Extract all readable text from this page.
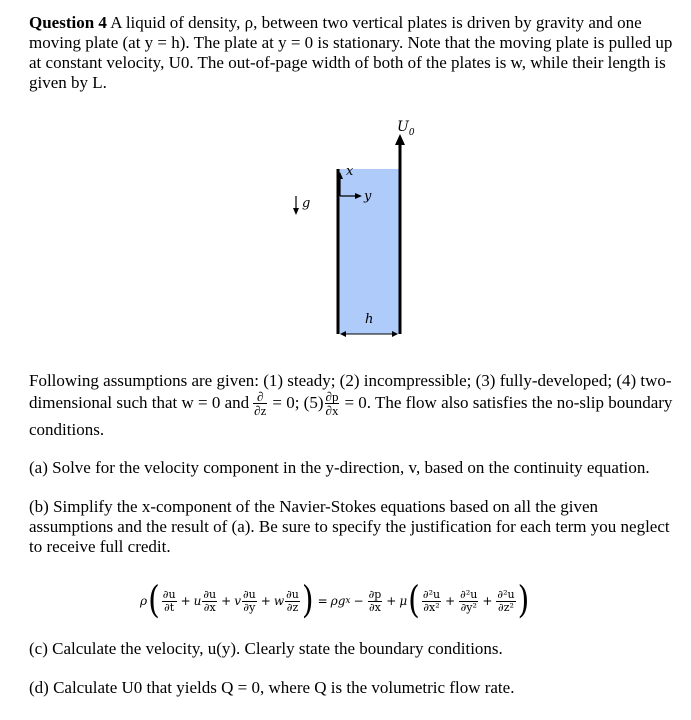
Question 4 A liquid of density, ρ, between two vertical plates is driven by gravity and one moving plate (at y = h). The plate at y = 0 is stationary. Note that the moving plate is pulled up at constant velocity, U0. The out-of-page width of both of the plates is w, while their length is given by L.
$U_0$
x
y
g
h
Following assumptions are given: (1) steady; (2) incompressible; (3) fully-developed; (4) two-
dimensional such that w = 0 and $\frac{\partial}{\partial z} = 0$; $(5) \frac{\partial p}{\partial x} = 0$. The flow also satisfies the no-slip boundary
conditions.
(a) Solve for the velocity component in the y-direction, v, based on the continuity equation.
(b) Simplify the x-component of the Navier-Stokes equations based on all the given assumptions and the result of (a). Be sure to specify the justification for each term you neglect to receive full credit.
ρ ( $\frac{\partial u}{\partial t} + u \frac{\partial u}{\partial x} + v \frac{\partial u}{\partial y} + w \frac{\partial u}{\partial z}$ ) = ρg $x - \frac{\partial p}{\partial x} + \mu$ ( $\frac{\text{∂²u}}{\text{∂x²}} + \frac{\text{∂²u}}{\text{∂y²}} + \frac{\text{∂²u}}{\text{∂z²}}$ )
(c) Calculate the velocity, u(y). Clearly state the boundary conditions.
(d) Calculate U0 that yields Q = 0, where Q is the volumetric flow rate.
